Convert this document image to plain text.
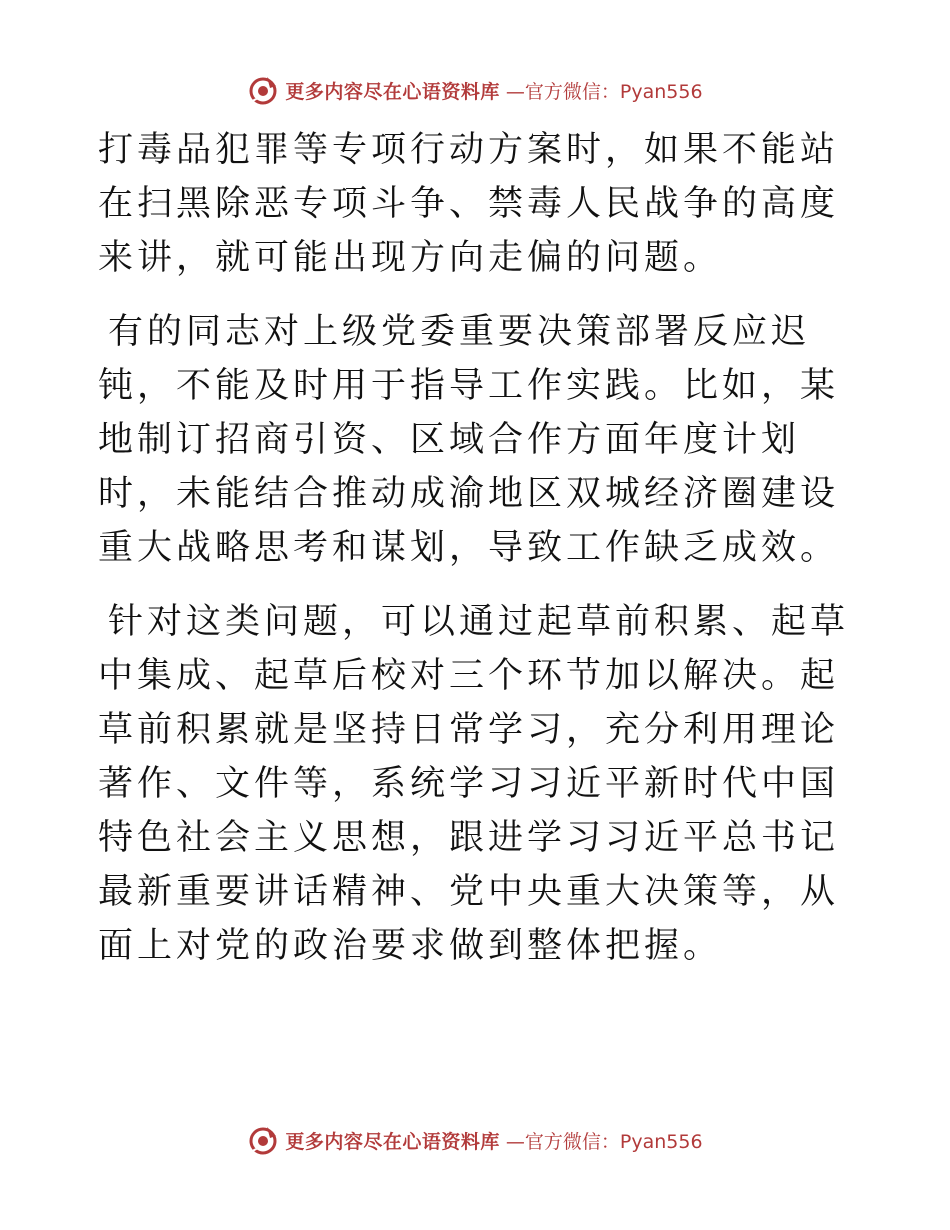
更多内容尽在心语资料库 —官方微信：Pyan556

打毒品犯罪等专项行动方案时，如果不能站在扫黑除恶专项斗争、禁毒人民战争的高度来讲，就可能出现方向走偏的问题。

有的同志对上级党委重要决策部署反应迟钝，不能及时用于指导工作实践。比如，某地制订招商引资、区域合作方面年度计划时，未能结合推动成渝地区双城经济圈建设重大战略思考和谋划，导致工作缺乏成效。

针对这类问题，可以通过起草前积累、起草中集成、起草后校对三个环节加以解决。起草前积累就是坚持日常学习，充分利用理论著作、文件等，系统学习习近平新时代中国特色社会主义思想，跟进学习习近平总书记最新重要讲话精神、党中央重大决策等，从面上对党的政治要求做到整体把握。

更多内容尽在心语资料库 —官方微信：Pyan556
